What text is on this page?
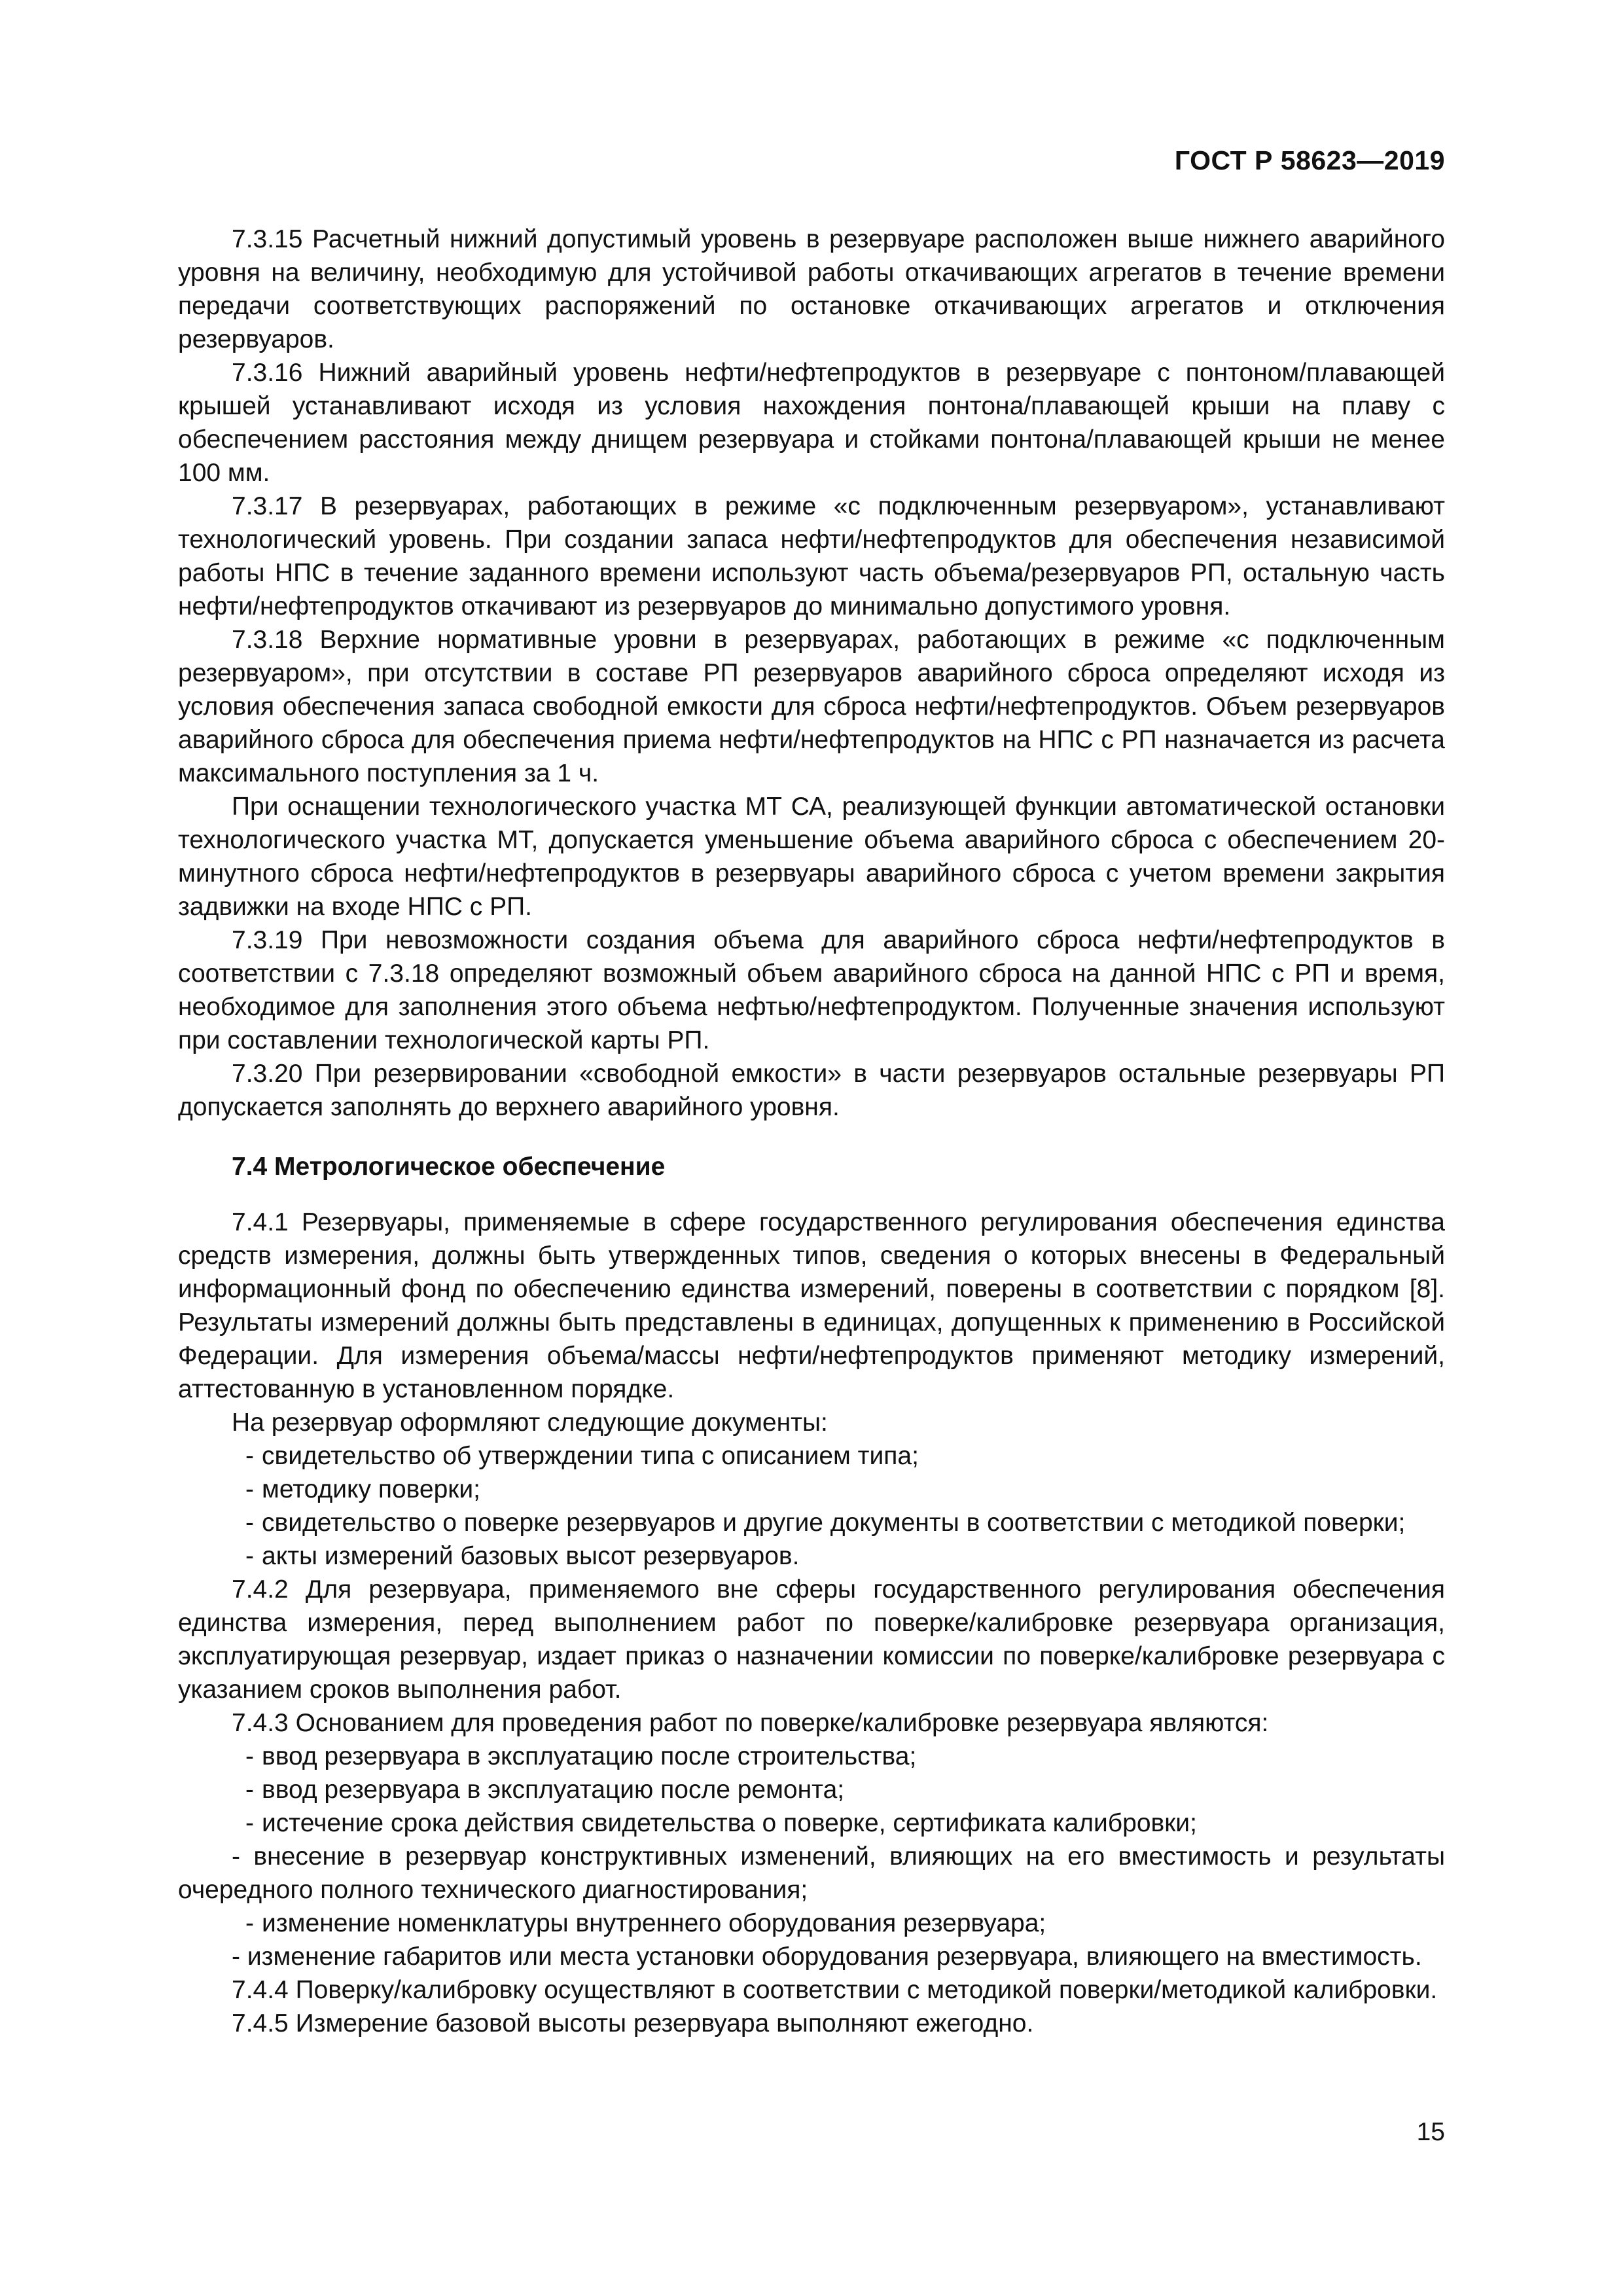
ГОСТ Р 58623—2019

7.3.15 Расчетный нижний допустимый уровень в резервуаре расположен выше нижнего аварийного уровня на величину, необходимую для устойчивой работы откачивающих агрегатов в течение времени передачи соответствующих распоряжений по остановке откачивающих агрегатов и отключения резервуаров.

7.3.16 Нижний аварийный уровень нефти/нефтепродуктов в резервуаре с понтоном/плавающей крышей устанавливают исходя из условия нахождения понтона/плавающей крыши на плаву с обеспечением расстояния между днищем резервуара и стойками понтона/плавающей крыши не менее 100 мм.

7.3.17 В резервуарах, работающих в режиме «с подключенным резервуаром», устанавливают технологический уровень. При создании запаса нефти/нефтепродуктов для обеспечения независимой работы НПС в течение заданного времени используют часть объема/резервуаров РП, остальную часть нефти/нефтепродуктов откачивают из резервуаров до минимально допустимого уровня.

7.3.18 Верхние нормативные уровни в резервуарах, работающих в режиме «с подключенным резервуаром», при отсутствии в составе РП резервуаров аварийного сброса определяют исходя из условия обеспечения запаса свободной емкости для сброса нефти/нефтепродуктов. Объем резервуаров аварийного сброса для обеспечения приема нефти/нефтепродуктов на НПС с РП назначается из расчета максимального поступления за 1 ч.

При оснащении технологического участка МТ СА, реализующей функции автоматической остановки технологического участка МТ, допускается уменьшение объема аварийного сброса с обеспечением 20-минутного сброса нефти/нефтепродуктов в резервуары аварийного сброса с учетом времени закрытия задвижки на входе НПС с РП.

7.3.19 При невозможности создания объема для аварийного сброса нефти/нефтепродуктов в соответствии с 7.3.18 определяют возможный объем аварийного сброса на данной НПС с РП и время, необходимое для заполнения этого объема нефтью/нефтепродуктом. Полученные значения используют при составлении технологической карты РП.

7.3.20 При резервировании «свободной емкости» в части резервуаров остальные резервуары РП допускается заполнять до верхнего аварийного уровня.

7.4 Метрологическое обеспечение

7.4.1 Резервуары, применяемые в сфере государственного регулирования обеспечения единства средств измерения, должны быть утвержденных типов, сведения о которых внесены в Федеральный информационный фонд по обеспечению единства измерений, поверены в соответствии с порядком [8]. Результаты измерений должны быть представлены в единицах, допущенных к применению в Российской Федерации. Для измерения объема/массы нефти/нефтепродуктов применяют методику измерений, аттестованную в установленном порядке.

На резервуар оформляют следующие документы:

- свидетельство об утверждении типа с описанием типа;
- методику поверки;
- свидетельство о поверке резервуаров и другие документы в соответствии с методикой поверки;
- акты измерений базовых высот резервуаров.

7.4.2 Для резервуара, применяемого вне сферы государственного регулирования обеспечения единства измерения, перед выполнением работ по поверке/калибровке резервуара организация, эксплуатирующая резервуар, издает приказ о назначении комиссии по поверке/калибровке резервуара с указанием сроков выполнения работ.

7.4.3 Основанием для проведения работ по поверке/калибровке резервуара являются:

- ввод резервуара в эксплуатацию после строительства;
- ввод резервуара в эксплуатацию после ремонта;
- истечение срока действия свидетельства о поверке, сертификата калибровки;

- внесение в резервуар конструктивных изменений, влияющих на его вместимость и результаты очередного полного технического диагностирования;

- изменение номенклатуры внутреннего оборудования резервуара;

- изменение габаритов или места установки оборудования резервуара, влияющего на вместимость.

7.4.4 Поверку/калибровку осуществляют в соответствии с методикой поверки/методикой калибровки.

7.4.5 Измерение базовой высоты резервуара выполняют ежегодно.

15
